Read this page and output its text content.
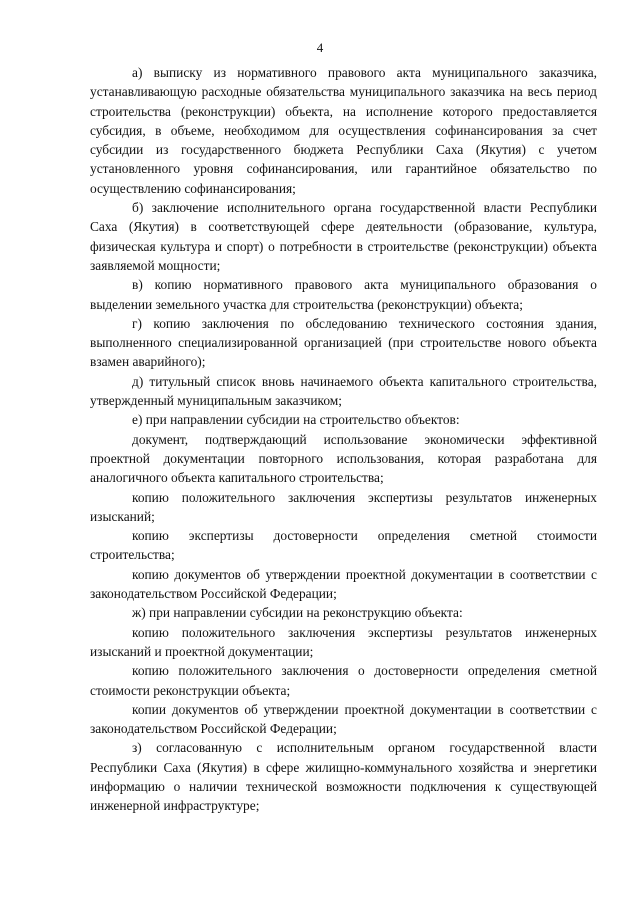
4

а) выписку из нормативного правового акта муниципального заказчика, устанавливающую расходные обязательства муниципального заказчика на весь период строительства (реконструкции) объекта, на исполнение которого предоставляется субсидия, в объеме, необходимом для осуществления софинансирования за счет субсидии из государственного бюджета Республики Саха (Якутия) с учетом установленного уровня софинансирования, или гарантийное обязательство по осуществлению софинансирования;

б) заключение исполнительного органа государственной власти Республики Саха (Якутия) в соответствующей сфере деятельности (образование, культура, физическая культура и спорт) о потребности в строительстве (реконструкции) объекта заявляемой мощности;

в) копию нормативного правового акта муниципального образования о выделении земельного участка для строительства (реконструкции) объекта;

г) копию заключения по обследованию технического состояния здания, выполненного специализированной организацией (при строительстве нового объекта взамен аварийного);

д) титульный список вновь начинаемого объекта капитального строительства, утвержденный муниципальным заказчиком;

е) при направлении субсидии на строительство объектов:

документ, подтверждающий использование экономически эффективной проектной документации повторного использования, которая разработана для аналогичного объекта капитального строительства;

копию положительного заключения экспертизы результатов инженерных изысканий;

копию экспертизы достоверности определения сметной стоимости строительства;

копию документов об утверждении проектной документации в соответствии с законодательством Российской Федерации;

ж) при направлении субсидии на реконструкцию объекта:

копию положительного заключения экспертизы результатов инженерных изысканий и проектной документации;

копию положительного заключения о достоверности определения сметной стоимости реконструкции объекта;

копии документов об утверждении проектной документации в соответствии с законодательством Российской Федерации;

з) согласованную с исполнительным органом государственной власти Республики Саха (Якутия) в сфере жилищно-коммунального хозяйства и энергетики информацию о наличии технической возможности подключения к существующей инженерной инфраструктуре;
